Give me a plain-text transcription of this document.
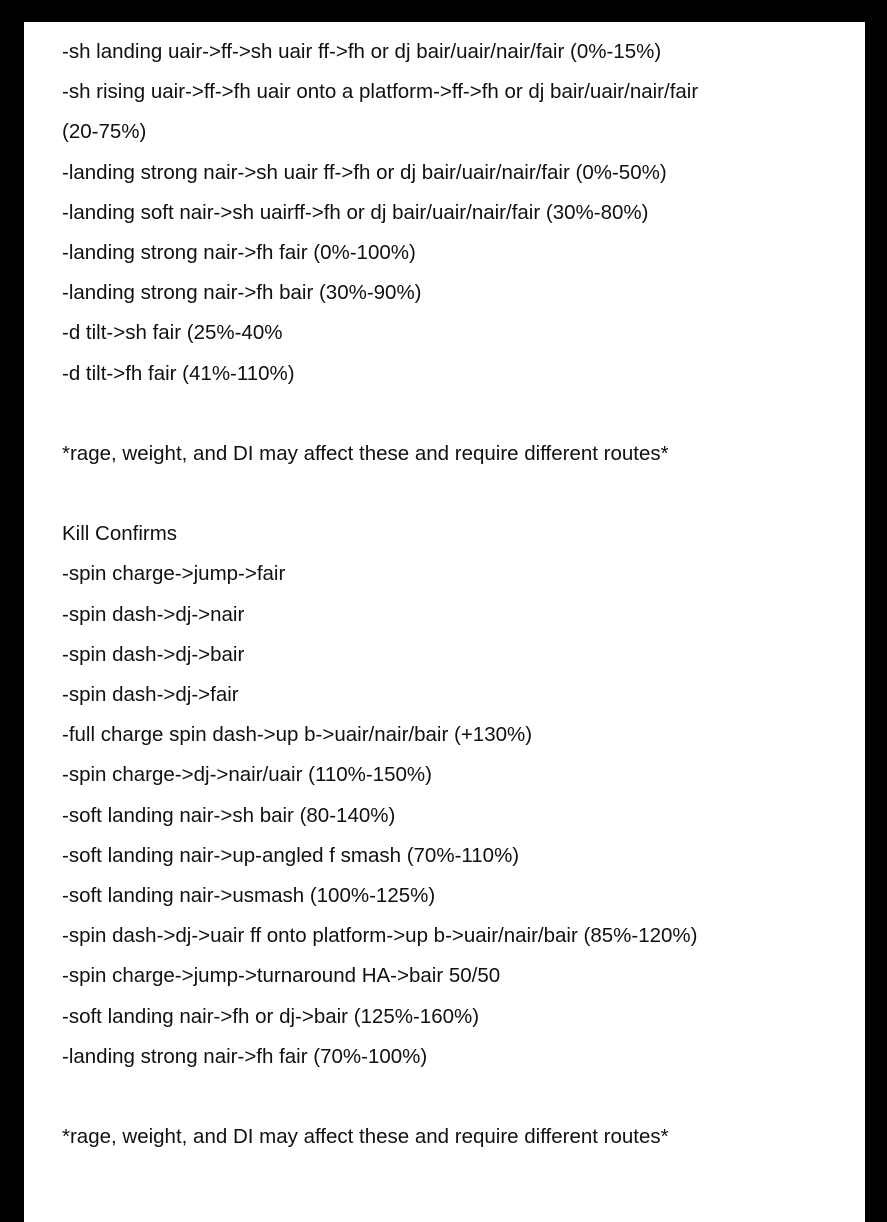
-sh landing uair->ff->sh uair ff->fh or dj bair/uair/nair/fair (0%-15%)
-sh rising uair->ff->fh uair onto a platform->ff->fh or dj bair/uair/nair/fair
(20-75%)
-landing strong nair->sh uair ff->fh or dj bair/uair/nair/fair (0%-50%)
-landing soft nair->sh uairff->fh or dj bair/uair/nair/fair (30%-80%)
-landing strong nair->fh fair (0%-100%)
-landing strong nair->fh bair (30%-90%)
-d tilt->sh fair (25%-40%
-d tilt->fh fair (41%-110%)
*rage, weight, and DI may affect these and require different routes*
Kill Confirms
-spin charge->jump->fair
-spin dash->dj->nair
-spin dash->dj->bair
-spin dash->dj->fair
-full charge spin dash->up b->uair/nair/bair (+130%)
-spin charge->dj->nair/uair (110%-150%)
-soft landing nair->sh bair (80-140%)
-soft landing nair->up-angled f smash (70%-110%)
-soft landing nair->usmash (100%-125%)
-spin dash->dj->uair ff onto platform->up b->uair/nair/bair (85%-120%)
-spin charge->jump->turnaround HA->bair 50/50
-soft landing nair->fh or dj->bair (125%-160%)
-landing strong nair->fh fair (70%-100%)
*rage, weight, and DI may affect these and require different routes*
